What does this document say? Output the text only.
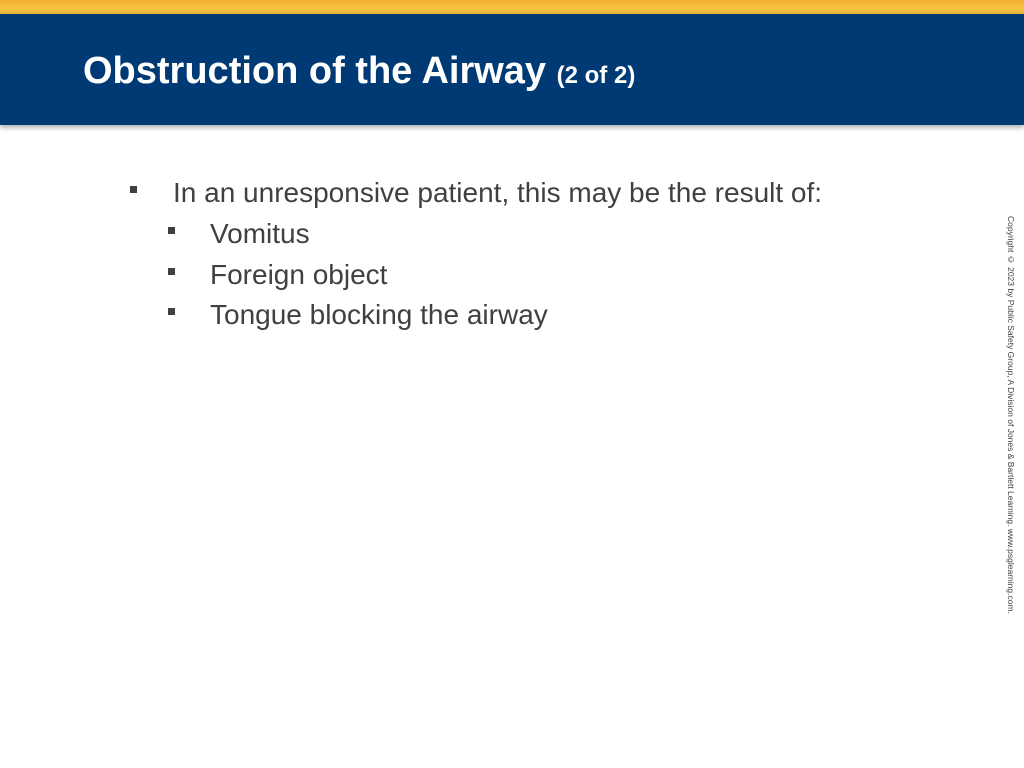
Obstruction of the Airway (2 of 2)
In an unresponsive patient, this may be the result of:
Vomitus
Foreign object
Tongue blocking the airway	Copyright © 2023 by Public Safety Group, A Division of Jones & Bartlett Learning. www.psglearning.com.
